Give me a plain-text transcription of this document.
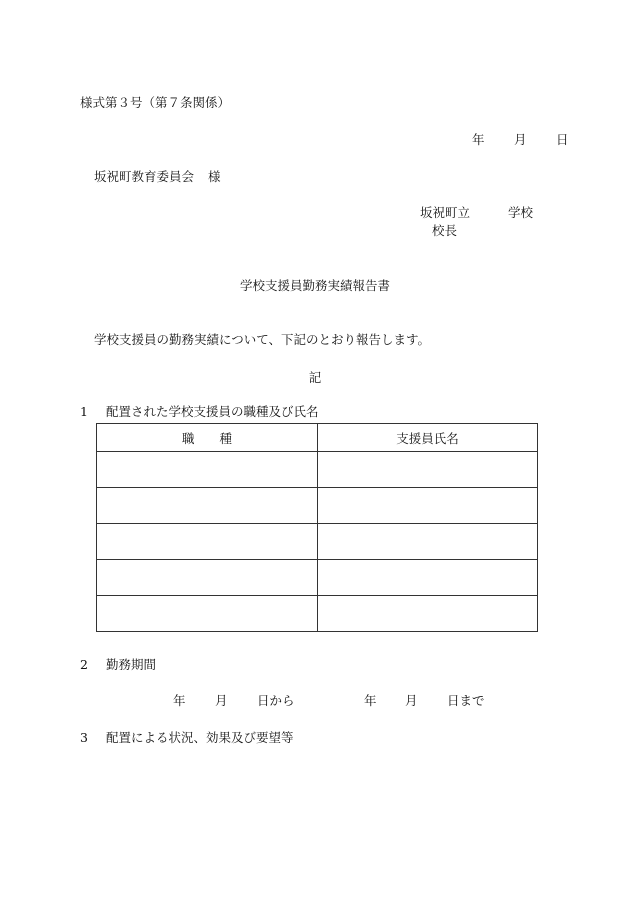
様式第３号（第７条関係）
年 月 日
坂祝町教育委員会 様
坂祝町立	学校
校長
学校支援員勤務実績報告書
学校支援員の勤務実績について、下記のとおり報告します。
記
1 配置された学校支援員の職種及び氏名
職　　種	支援員氏名

2 勤務期間
年 月 日から	年 月 日まで
3 配置による状況、効果及び要望等
